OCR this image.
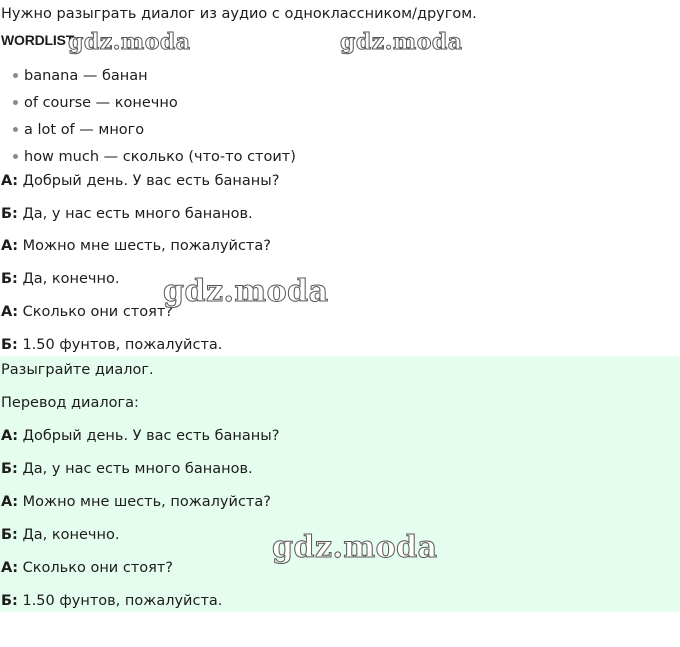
Нужно разыграть диалог из аудио с одноклассником/другом.
WORDLIST
banana — банан
of course — конечно
a lot of — много
how much — сколько (что-то стоит)
А: Добрый день. У вас есть бананы?
Б: Да, у нас есть много бананов.
А: Можно мне шесть, пожалуйста?
Б: Да, конечно.
А: Сколько они стоят?
Б: 1.50 фунтов, пожалуйста.
Разыграйте диалог.
Перевод диалога:
А: Добрый день. У вас есть бананы?
Б: Да, у нас есть много бананов.
А: Можно мне шесть, пожалуйста?
Б: Да, конечно.
А: Сколько они стоят?
Б: 1.50 фунтов, пожалуйста.
gdz.moda	gdz.moda
gdz.moda
gdz.moda
